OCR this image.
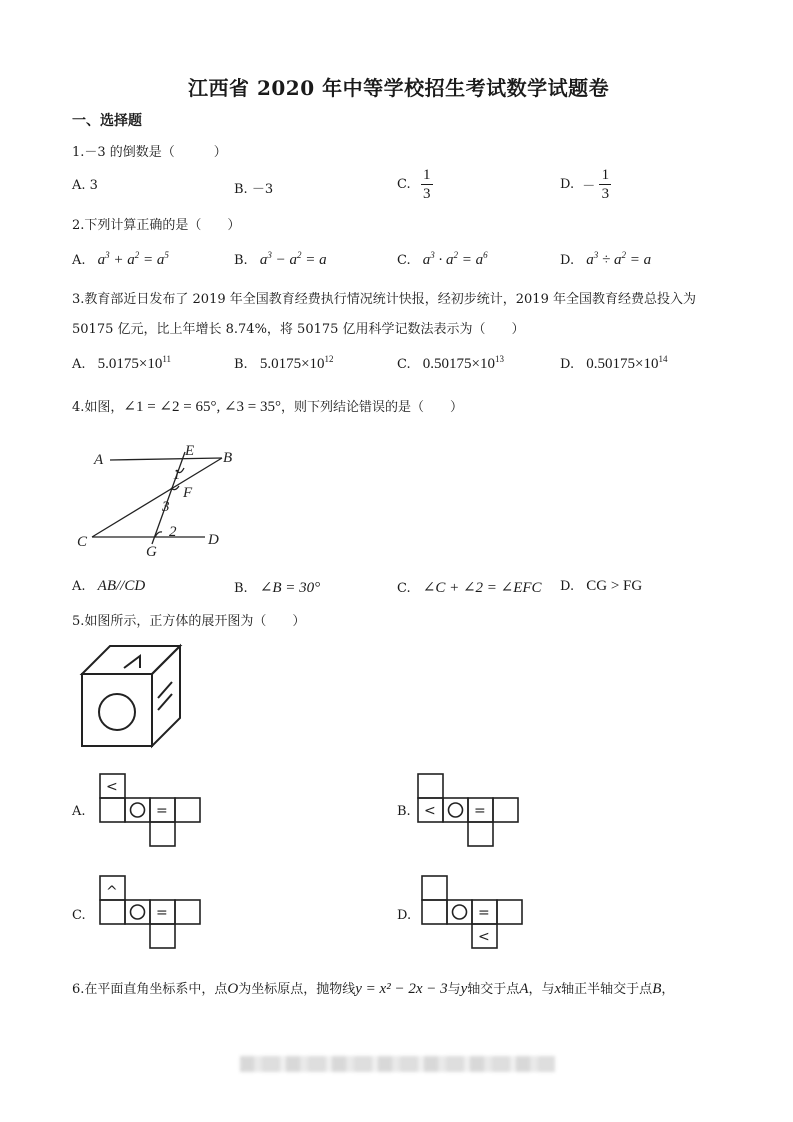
江西省 2020 年中等学校招生考试数学试题卷
一、选择题
1.－3 的倒数是（　　　）
A. 3	B. －3	C. $\frac{1}{3}$	D. － $\frac{1}{3}$
2.下列计算正确的是（　　）
A. $a^3 + a^2 = a^5$	B. $a^3 - a^2 = a$	C. $a^3 \cdot a^2 = a^6$	D. $a^3 \div a^2 = a$
3.教育部近日发布了 2019 年全国教育经费执行情况统计快报，经初步统计，2019 年全国教育经费总投入为
50175 亿元，比上年增长 8.74%，将 50175 亿用科学记数法表示为（　　）
A. $5.0175\times 10^{11}$	B. $5.0175\times 10^{12}$	C. $0.50175\times 10^{13}$	D. $0.50175\times 10^{14}$
4.如图，∠1 = ∠2 = 65°, ∠3 = 35°，则下列结论错误的是（　　）
A	B
C	D
E
F
G
1
3
2
A. AB//CD	B. ∠B = 30°	C. ∠C + ∠2 = ∠EFC D. CG > FG
5.如图所示，正方体的展开图为（　　）
A.
<
=	B. <	=
C.
^
=	D.	=
<
6.在平面直角坐标系中，点O为坐标原点，抛物线y = x² − 2x − 3与y轴交于点A，与x轴正半轴交于点B，
